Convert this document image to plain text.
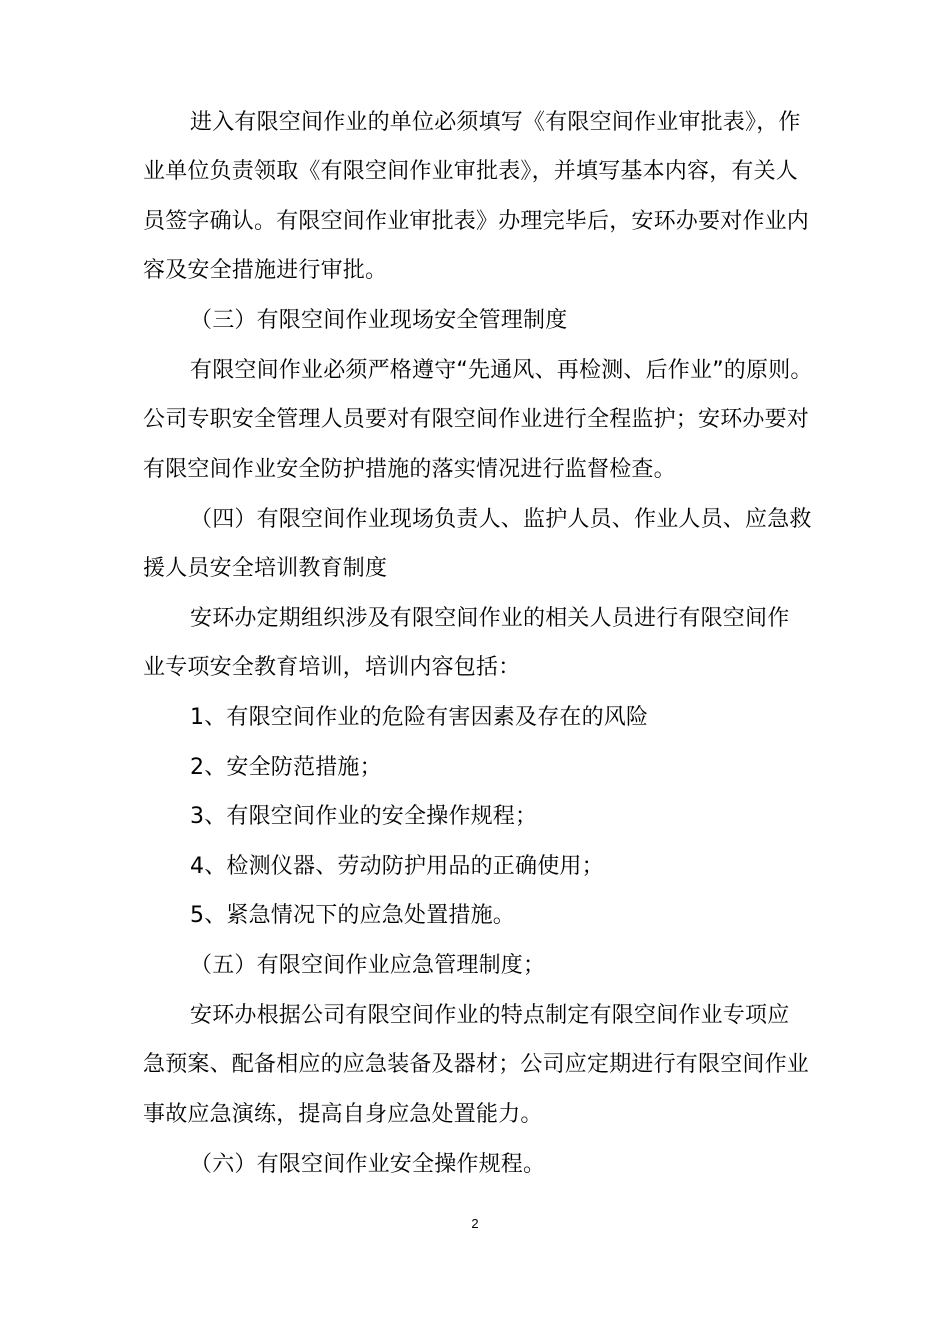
进入有限空间作业的单位必须填写《有限空间作业审批表》，作
业单位负责领取《有限空间作业审批表》，并填写基本内容，有关人
员签字确认。有限空间作业审批表》办理完毕后，安环办要对作业内
容及安全措施进行审批。
（三）有限空间作业现场安全管理制度
有限空间作业必须严格遵守“先通风、再检测、后作业”的原则。
公司专职安全管理人员要对有限空间作业进行全程监护；安环办要对
有限空间作业安全防护措施的落实情况进行监督检查。
（四）有限空间作业现场负责人、监护人员、作业人员、应急救
援人员安全培训教育制度
安环办定期组织涉及有限空间作业的相关人员进行有限空间作
业专项安全教育培训，培训内容包括：
1、有限空间作业的危险有害因素及存在的风险
2、安全防范措施；
3、有限空间作业的安全操作规程；
4、检测仪器、劳动防护用品的正确使用；
5、紧急情况下的应急处置措施。
（五）有限空间作业应急管理制度；
安环办根据公司有限空间作业的特点制定有限空间作业专项应
急预案、配备相应的应急装备及器材；公司应定期进行有限空间作业
事故应急演练，提高自身应急处置能力。
（六）有限空间作业安全操作规程。
2
